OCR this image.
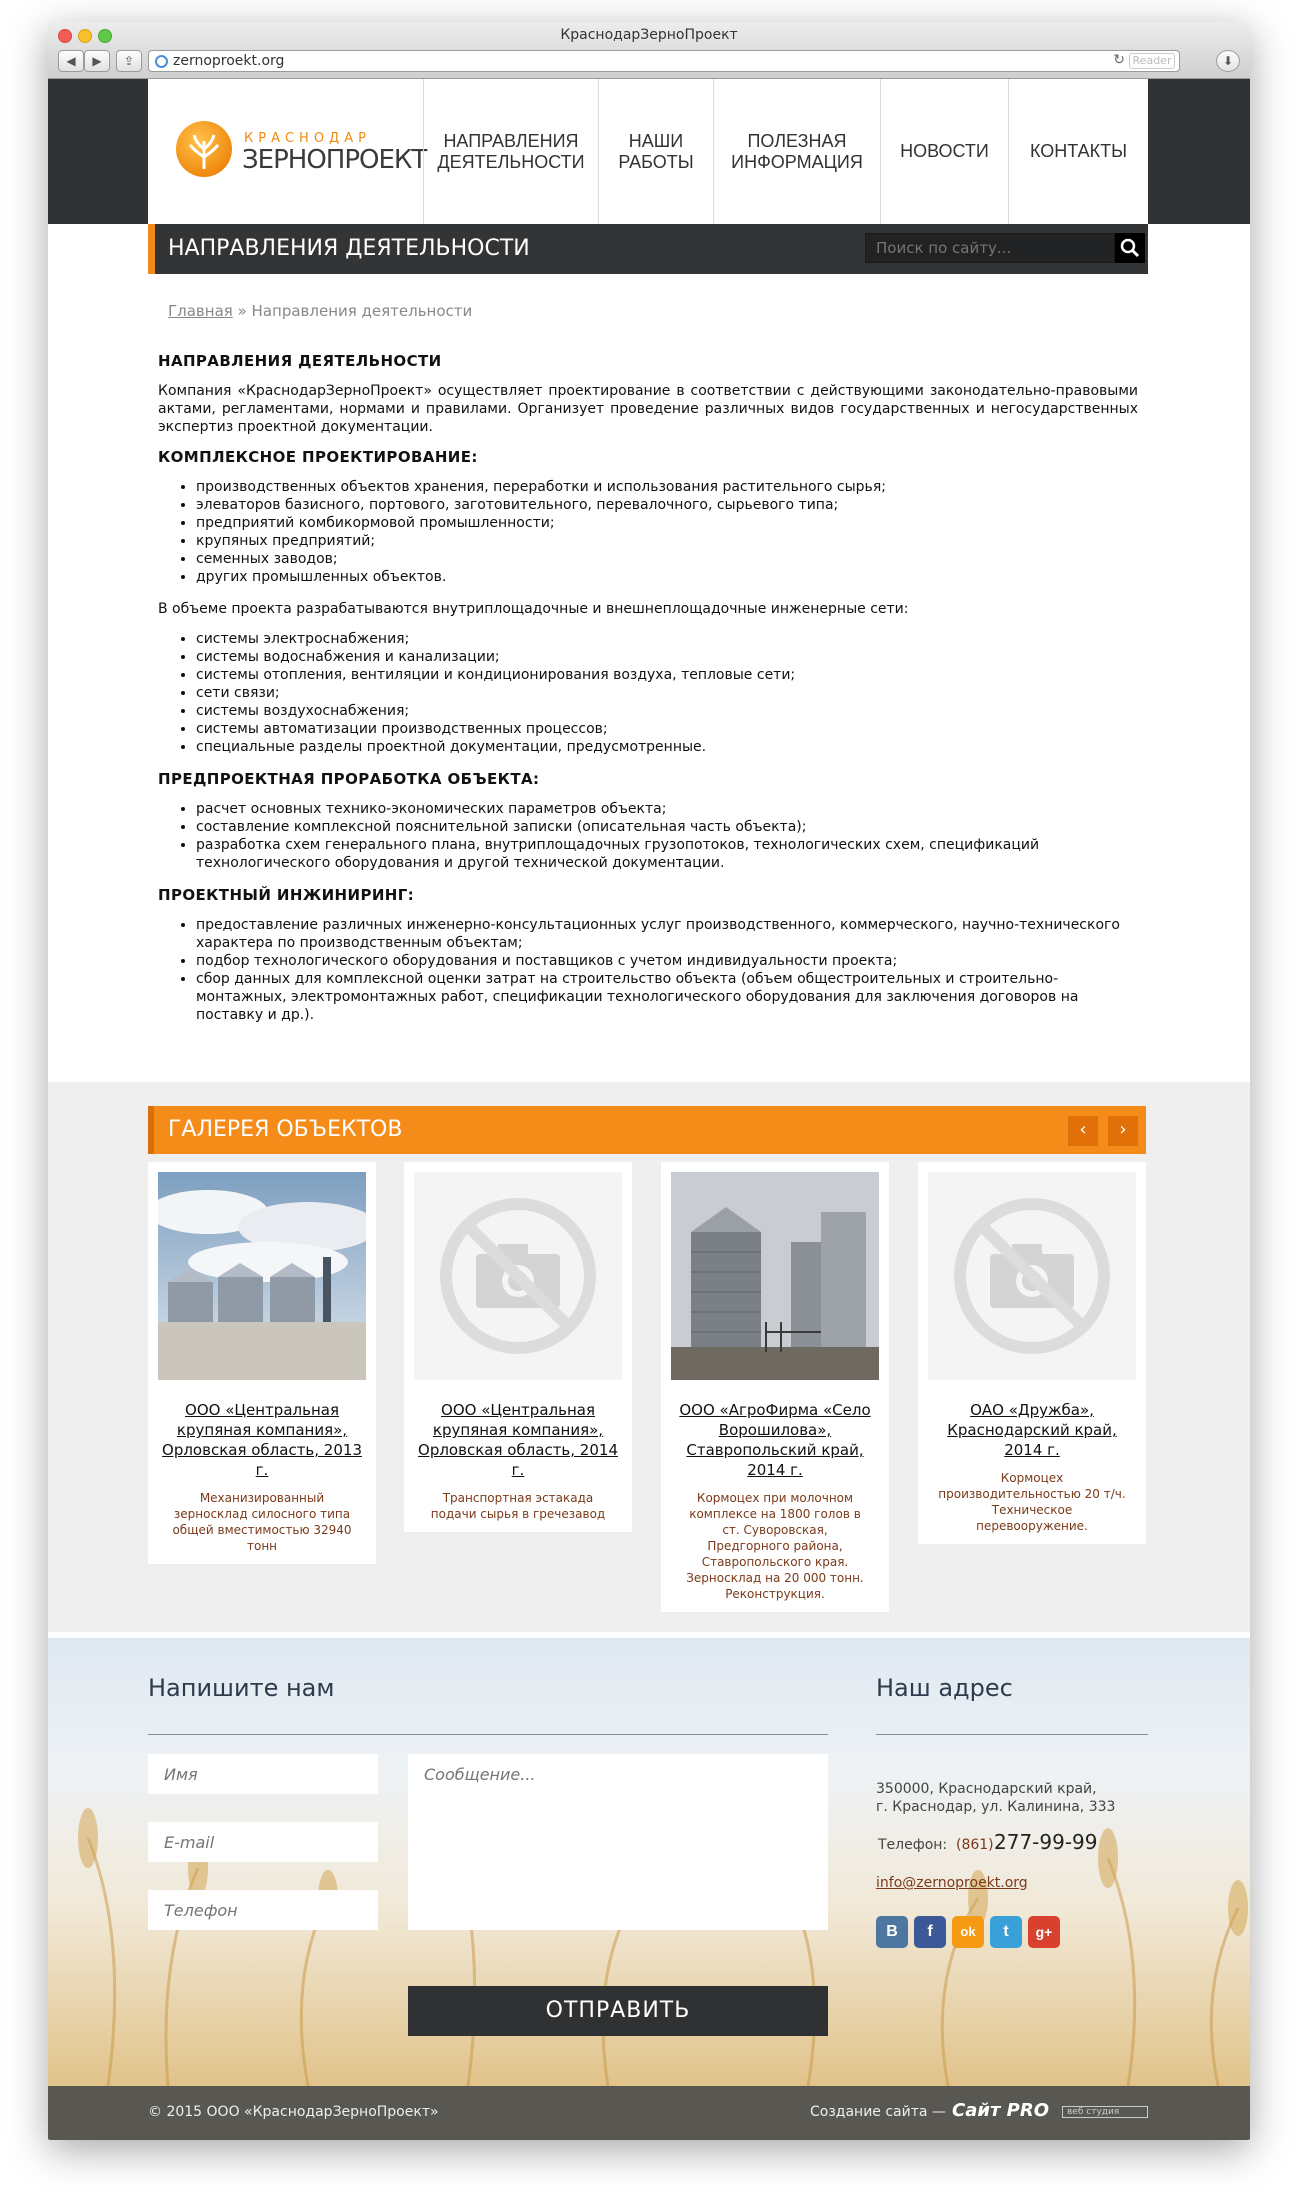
КраснодарЗерноПроект
◀	▶	⇪	zernoproekt.org	↻ Reader	⬇
КРАСНОДАР
ЗЕРНОПРОЕКТ
НАПРАВЛЕНИЯ
ДЕЯТЕЛЬНОСТИ
НАШИ
РАБОТЫ
ПОЛЕЗНАЯ
ИНФОРМАЦИЯ
НОВОСТИ КОНТАКТЫ
НАПРАВЛЕНИЯ ДЕЯТЕЛЬНОСТИ
Поиск по сайту...
Главная » Направления деятельности
НАПРАВЛЕНИЯ ДЕЯТЕЛЬНОСТИ

Компания «КраснодарЗерноПроект» осуществляет проектирование в соответствии с действующими законодательно-правовыми актами, регламентами, нормами и правилами. Организует проведение различных видов государственных и негосударственных экспертиз проектной документации.

КОМПЛЕКСНОЕ ПРОЕКТИРОВАНИЕ:
• производственных объектов хранения, переработки и использования растительного сырья;
• элеваторов базисного, портового, заготовительного, перевалочного, сырьевого типа;
• предприятий комбикормовой промышленности;
• крупяных предприятий;
• семенных заводов;
• других промышленных объектов.

В объеме проекта разрабатываются внутриплощадочные и внешнеплощадочные инженерные сети:

• системы электроснабжения;
• системы водоснабжения и канализации;
• системы отопления, вентиляции и кондиционирования воздуха, тепловые сети;
• сети связи;
• системы воздухоснабжения;
• системы автоматизации производственных процессов;
• специальные разделы проектной документации, предусмотренные.
ПРЕДПРОЕКТНАЯ ПРОРАБОТКА ОБЪЕКТА:
• расчет основных технико-экономических параметров объекта;
• составление комплексной пояснительной записки (описательная часть объекта);
• разработка схем генерального плана, внутриплощадочных грузопотоков, технологических схем, спецификаций технологического оборудования и другой технической документации.
ПРОЕКТНЫЙ ИНЖИНИРИНГ:
• предоставление различных инженерно-консультационных услуг производственного, коммерческого, научно-технического характера по производственным объектам;
• подбор технологического оборудования и поставщиков с учетом индивидуальности проекта;
• сбор данных для комплексной оценки затрат на строительство объекта (объем общестроительных и строительно-монтажных, электромонтажных работ, спецификации технологического оборудования для заключения договоров на поставку и др.).
ГАЛЕРЕЯ ОБЪЕКТОВ	‹	›
ООО «Центральная крупяная компания», Орловская область, 2013 г.
Механизированный зерносклад силосного типа общей вместимостью 32940 тонн
ООО «Центральная крупяная компания», Орловская область, 2014 г.
Транспортная эстакада подачи сырья в гречезавод
ООО «АгроФирма «Село Ворошилова», Ставропольский край, 2014 г.
Кормоцех при молочном комплексе на 1800 голов в ст. Суворовская, Предгорного района, Ставропольского края. Зерносклад на 20 000 тонн. Реконструкция.
ОАО «Дружба», Краснодарский край, 2014 г.
Кормоцех производительностью 20 т/ч. Техническое перевооружение.
Напишите нам
Имя
E-mail
Телефон
Сообщение...
ОТПРАВИТЬ
Наш адрес
350000, Краснодарский край,
г. Краснодар, ул. Калинина, 333
Телефон: (861) 277-99-99
info@zernoproekt.org
B	f	ok	t	g+
© 2015 ООО «КраснодарЗерноПроект»	Создание сайта — Сайт PRO	веб студия
